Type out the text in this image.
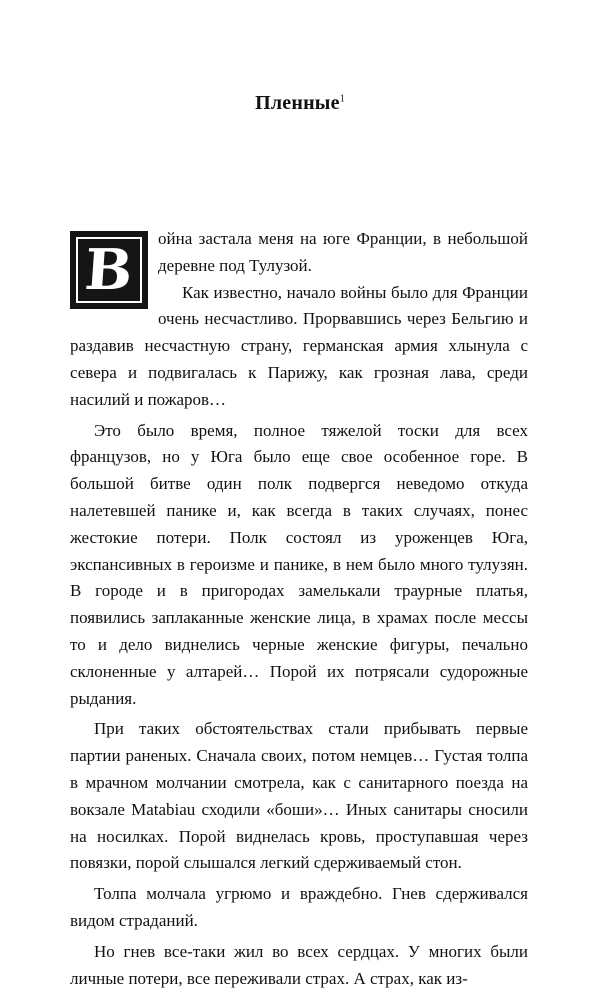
Пленные$^1$

В ойна застала меня на юге Франции, в небольшой деревне под Тулузой.

Как известно, начало войны было для Франции очень несчастливо. Прорвавшись через Бельгию и раздавив несчастную страну, германская армия хлынула с севера и подвигалась к Парижу, как грозная лава, среди насилий и пожаров…

Это было время, полное тяжелой тоски для всех французов, но у Юга было еще свое особенное горе. В большой битве один полк подвергся неведомо откуда налетевшей панике и, как всегда в таких случаях, понес жестокие потери. Полк состоял из уроженцев Юга, экспансивных в героизме и панике, в нем было много тулузян. В городе и в пригородах замелькали траурные платья, появились заплаканные женские лица, в храмах после мессы то и дело виднелись черные женские фигуры, печально склоненные у алтарей… Порой их потрясали судорожные рыдания.

При таких обстоятельствах стали прибывать первые партии раненых. Сначала своих, потом немцев… Густая толпа в мрачном молчании смотрела, как с санитарного поезда на вокзале Matabiau сходили «боши»… Иных санитары сносили на носилках. Порой виднелась кровь, проступавшая через повязки, порой слышался легкий сдерживаемый стон.

Толпа молчала угрюмо и враждебно. Гнев сдерживался видом страданий.

Но гнев все-таки жил во всех сердцах. У многих были личные потери, все переживали страх. А страх, как из-
